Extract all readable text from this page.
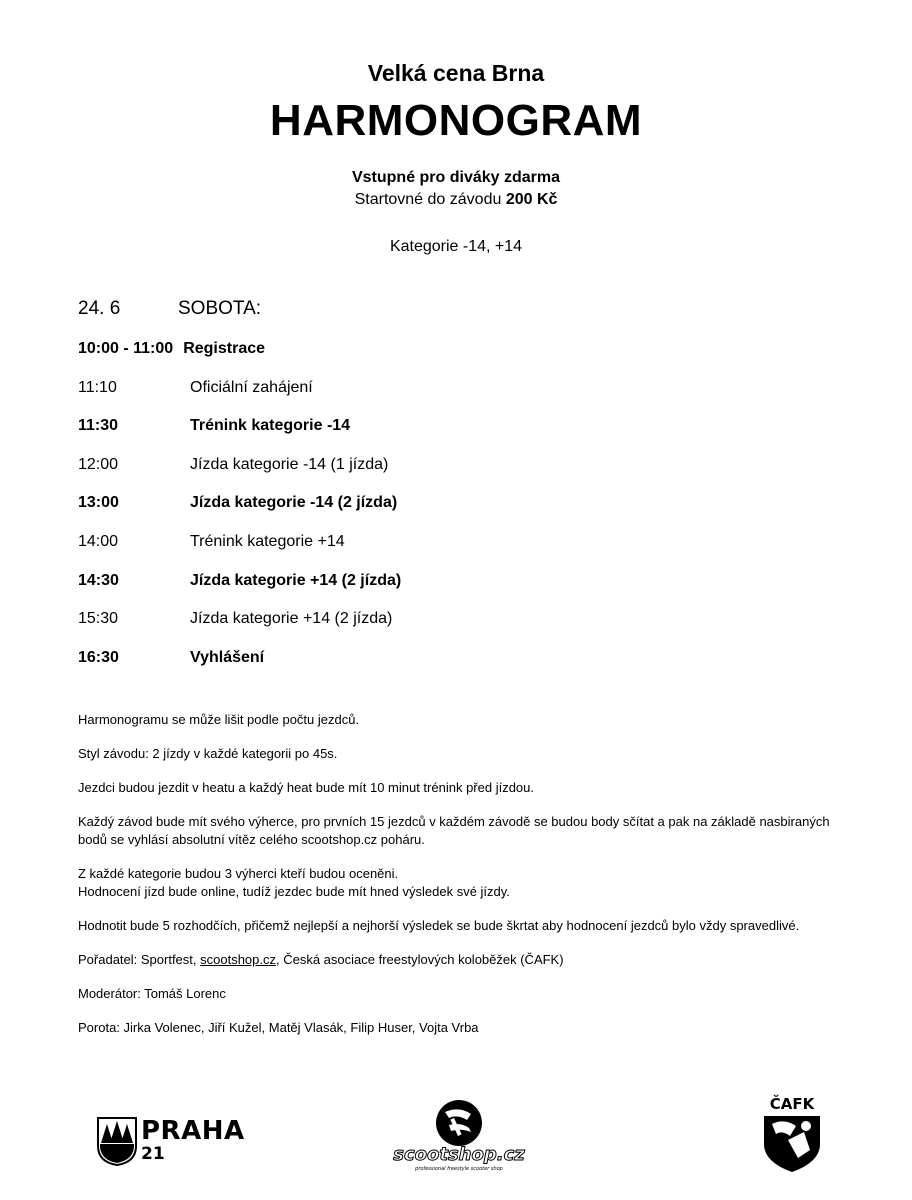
Velká cena Brna
HARMONOGRAM
Vstupné pro diváky zdarma
Startovné do závodu 200 Kč
Kategorie -14, +14
24. 6	SOBOTA:
10:00 - 11:00 Registrace
11:10	Oficiální zahájení
11:30	Trénink kategorie -14
12:00	Jízda kategorie -14 (1 jízda)
13:00	Jízda kategorie -14 (2 jízda)
14:00	Trénink kategorie +14
14:30	Jízda kategorie +14 (2 jízda)
15:30	Jízda kategorie +14 (2 jízda)
16:30	Vyhlášení

Harmonogramu se může lišit podle počtu jezdců.

Styl závodu: 2 jízdy v každé kategorii po 45s.

Jezdci budou jezdit v heatu a každý heat bude mít 10 minut trénink před jízdou.

Každý závod bude mít svého výherce, pro prvních 15 jezdců v každém závodě se budou body sčítat a pak na základě nasbiraných bodů se vyhlásí absolutní vítěz celého scootshop.cz poháru.

Z každé kategorie budou 3 výherci kteří budou oceněni.
Hodnocení jízd bude online, tudíž jezdec bude mít hned výsledek své jízdy.

Hodnotit bude 5 rozhodčích, přičemž nejlepší a nejhorší výsledek se bude škrtat aby hodnocení jezdců bylo vždy spravedlivé.

Pořadatel: Sportfest, scootshop.cz, Česká asociace freestylových koloběžek (ČAFK)

Moderátor: Tomáš Lorenc

Porota: Jirka Volenec, Jiří Kužel, Matěj Vlasák, Filip Huser, Vojta Vrba

PRAHA
21	scootshop.cz
professional freestyle scooter shop
ČAFK
